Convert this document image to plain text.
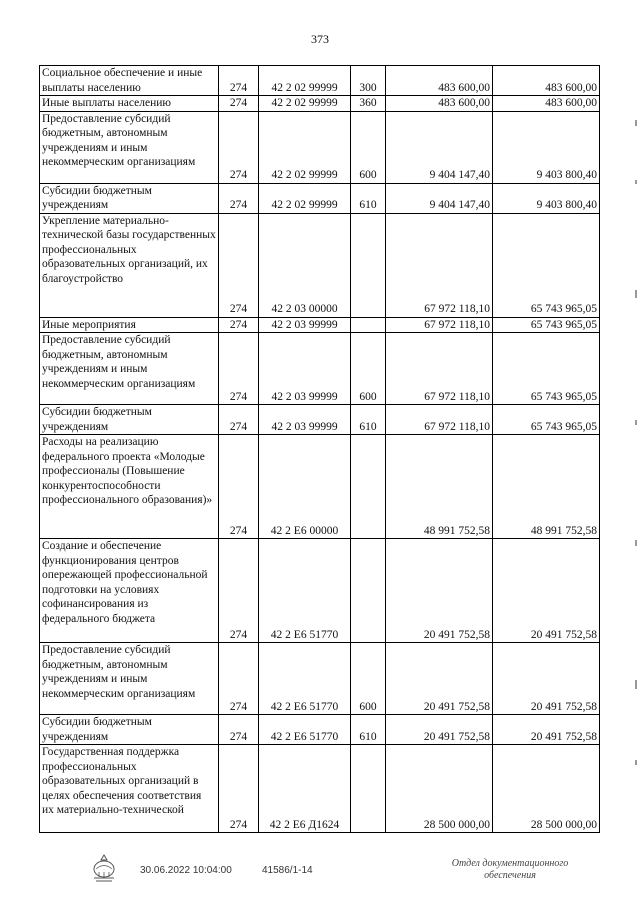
373
Социальное обеспечение и иные выплаты населению	274	42 2 02 99999	300	483 600,00	483 600,00
Иные выплаты населению	274	42 2 02 99999	360	483 600,00	483 600,00
Предоставление субсидий бюджетным, автономным учреждениям и иным некоммерческим организациям	274	42 2 02 99999	600	9 404 147,40	9 403 800,40
Субсидии бюджетным учреждениям	274	42 2 02 99999	610	9 404 147,40	9 403 800,40
Укрепление материально-технической базы государственных профессиональных образовательных организаций, их благоустройство	274	42 2 03 00000		67 972 118,10	65 743 965,05
Иные мероприятия	274	42 2 03 99999		67 972 118,10	65 743 965,05
Предоставление субсидий бюджетным, автономным учреждениям и иным некоммерческим организациям	274	42 2 03 99999	600	67 972 118,10	65 743 965,05
Субсидии бюджетным учреждениям	274	42 2 03 99999	610	67 972 118,10	65 743 965,05
Расходы на реализацию федерального проекта «Молодые профессионалы (Повышение конкурентоспособности профессионального образования)»	274	42 2 Е6 00000		48 991 752,58	48 991 752,58
Создание и обеспечение функционирования центров опережающей профессиональной подготовки на условиях софинансирования из федерального бюджета	274	42 2 Е6 51770		20 491 752,58	20 491 752,58
Предоставление субсидий бюджетным, автономным учреждениям и иным некоммерческим организациям	274	42 2 Е6 51770	600	20 491 752,58	20 491 752,58
Субсидии бюджетным учреждениям	274	42 2 Е6 51770	610	20 491 752,58	20 491 752,58
Государственная поддержка профессиональных образовательных организаций в целях обеспечения соответствия их материально-технической	274	42 2 Е6 Д1624		28 500 000,00	28 500 000,00
30.06.2022 10:04:00	41586/1-14
Отдел документационного
обеспечения
